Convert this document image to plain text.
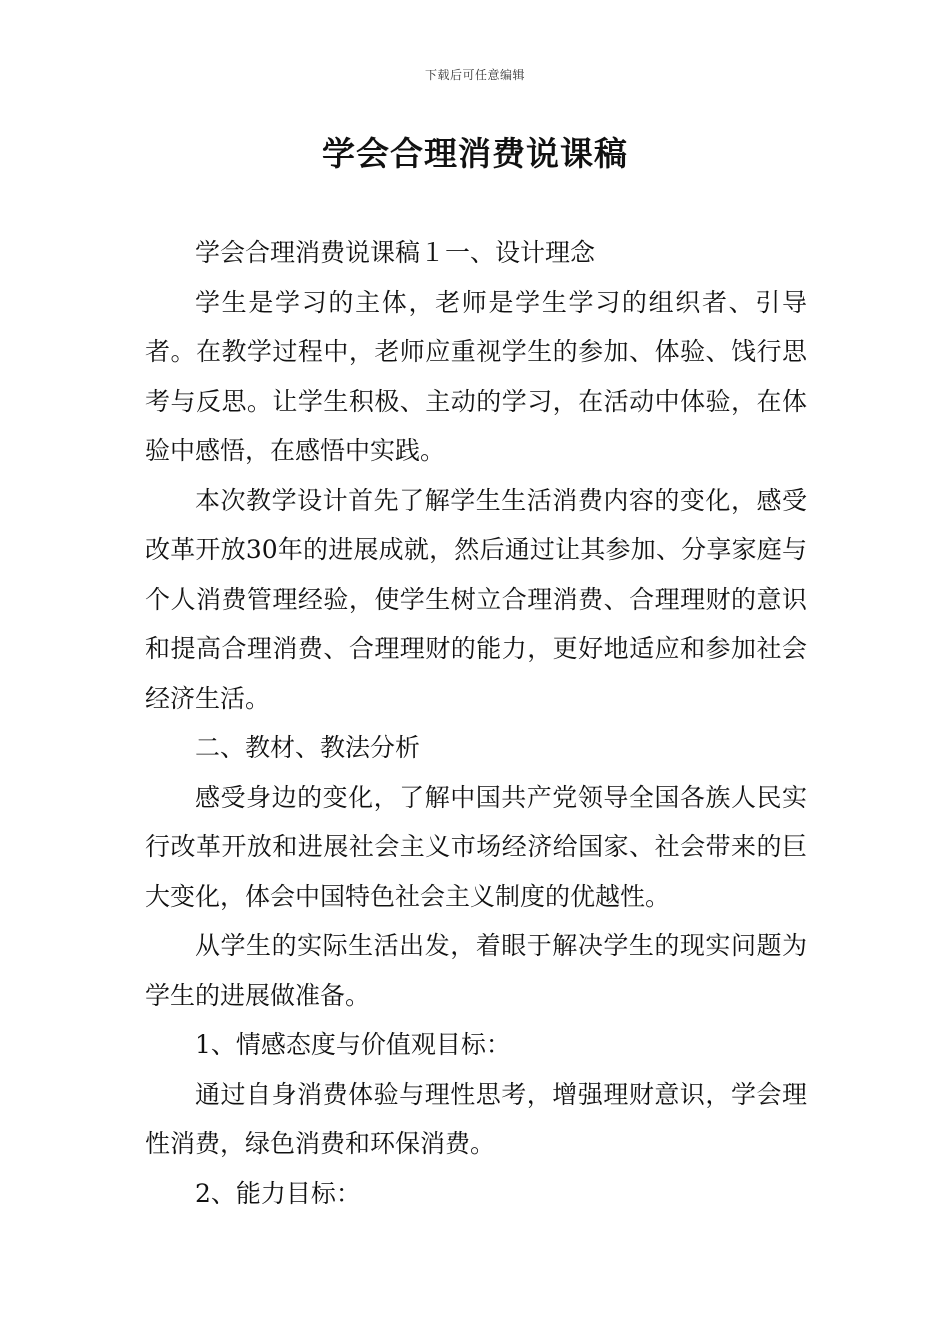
下载后可任意编辑
学会合理消费说课稿

学会合理消费说课稿１一、设计理念

学生是学习的主体，老师是学生学习的组织者、引导者。在教学过程中，老师应重视学生的参加、体验、饯行思考与反思。让学生积极、主动的学习，在活动中体验，在体验中感悟，在感悟中实践。

本次教学设计首先了解学生生活消费内容的变化，感受改革开放30年的进展成就，然后通过让其参加、分享家庭与个人消费管理经验，使学生树立合理消费、合理理财的意识和提高合理消费、合理理财的能力，更好地适应和参加社会经济生活。

二、教材、教法分析

感受身边的变化，了解中国共产党领导全国各族人民实行改革开放和进展社会主义市场经济给国家、社会带来的巨大变化，体会中国特色社会主义制度的优越性。

从学生的实际生活出发，着眼于解决学生的现实问题为学生的进展做准备。

1、情感态度与价值观目标：

通过自身消费体验与理性思考，增强理财意识，学会理性消费，绿色消费和环保消费。

2、能力目标：
